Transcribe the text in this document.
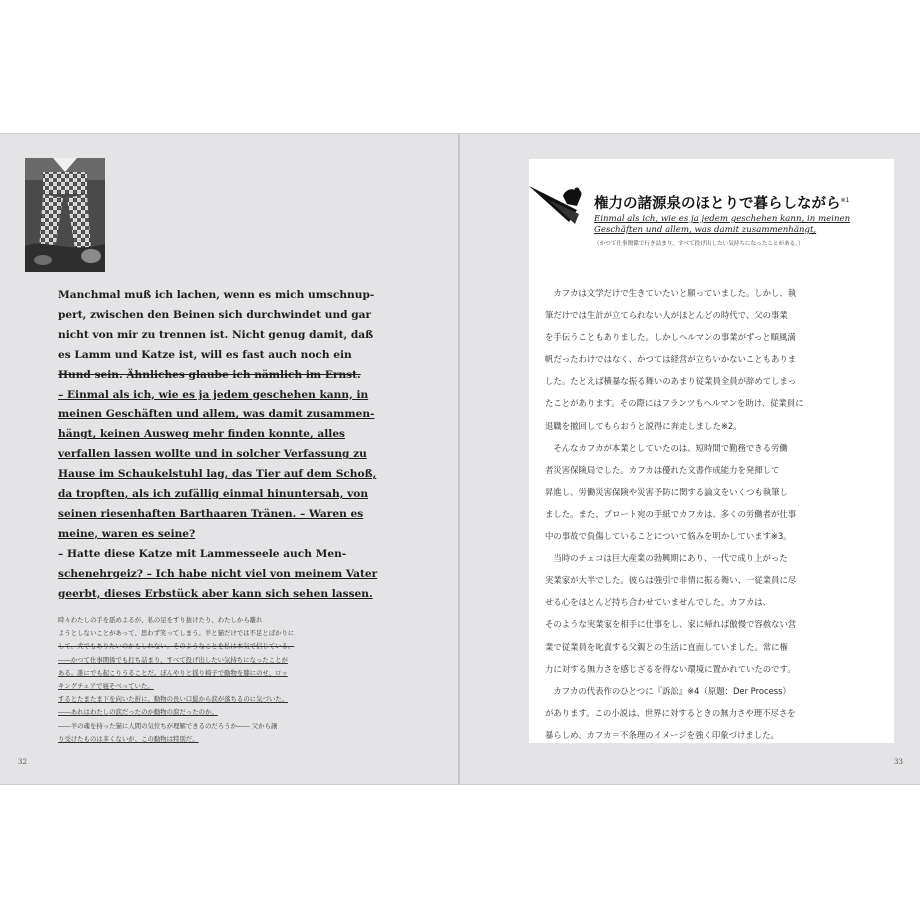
Manchmal muß ich lachen, wenn es mich umschnup-
pert, zwischen den Beinen sich durchwindet und gar
nicht von mir zu trennen ist. Nicht genug damit, daß
es Lamm und Katze ist, will es fast auch noch ein
Hund sein. Ähnliches glaube ich nämlich im Ernst.
– Einmal als ich, wie es ja jedem geschehen kann, in
meinen Geschäften und allem, was damit zusammen-
hängt, keinen Ausweg mehr finden konnte, alles
verfallen lassen wollte und in solcher Verfassung zu
Hause im Schaukelstuhl lag, das Tier auf dem Schoß,
da tropften, als ich zufällig einmal hinuntersah, von
seinen riesenhaften Barthaaren Tränen. – Waren es
meine, waren es seine?
– Hatte diese Katze mit Lammesseele auch Men-
schenehrgeiz? – Ich habe nicht viel von meinem Vater
geerbt, dieses Erbstück aber kann sich sehen lassen.
時々わたしの手を舐めよるが、私の足をすり抜けたり、わたしから離れ
ようとしないことがあって、思わず笑ってしまう。羊と猫だけでは不足とばかりに
して、犬でもありたいのかもしれない。そのようなことを私は本気で信じている。
――かつて仕事関係でも打ち詰まり、すべて投げ出したい気持ちになったことが
ある。誰にでも起こりうることだ。ぼんやりと揺り椅子で動物を膝にのせ、ロッ
キングチェアで寝そべっていた。
するとたまたま下を向いた折に、動物の長い口髭から涙が落ちるのに気づいた。
――あれはわたしの涙だったのか動物の涙だったのか。
――羊の魂を持った猫に人間の気位ちが理解できるのだろうか―― 父から譲
り受けたものは多くないが、この動物は特別だ。
32
権力の諸源泉のほとりで暮らしながら$^{※1}$
Einmal als ich, wie es ja jedem geschehen kann, in meinen
Geschäften und allem, was damit zusammenhängt,
（かつて仕事関係で行き詰まり、すべて投げ出したい気持ちになったことがある。）
　カフカは文学だけで生きていたいと願っていました。しかし、執
筆だけでは生計が立てられない人がほとんどの時代で、父の事業
を手伝うこともありました。しかしヘルマンの事業がずっと順風満
帆だったわけではなく、かつては経営が立ちいかないこともありま
した。たとえば横暴な振る舞いのあまり従業員全員が辞めてしまっ
たことがあります。その際にはフランツもヘルマンを助け、従業員に
退職を撤回してもらおうと説得に奔走しました※2。
　そんなカフカが本業としていたのは、短時間で勤務できる労働
者災害保険局でした。カフカは優れた文書作成能力を発揮して
昇進し、労働災害保険や災害予防に関する論文をいくつも執筆し
ました。また、ブロート宛の手紙でカフカは、多くの労働者が仕事
中の事故で負傷していることについて悩みを明かしています※3。
　当時のチェコは巨大産業の勃興期にあり、一代で成り上がった
実業家が大半でした。彼らは強引で非情に振る舞い、一従業員に尽
せる心をほとんど持ち合わせていませんでした。カフカは、
そのような実業家を相手に仕事をし、家に帰れば傲慢で容赦ない営
業で従業員を叱責する父親との生活に直面していました。常に権
力に対する無力さを感じざるを得ない環境に置かれていたのです。
　カフカの代表作のひとつに『訴訟』※4（原題：Der Process）
があります。この小説は、世界に対するときの無力さや理不尽さを
暴らしめ、カフカ＝不条理のイメージを強く印象づけました。
33
